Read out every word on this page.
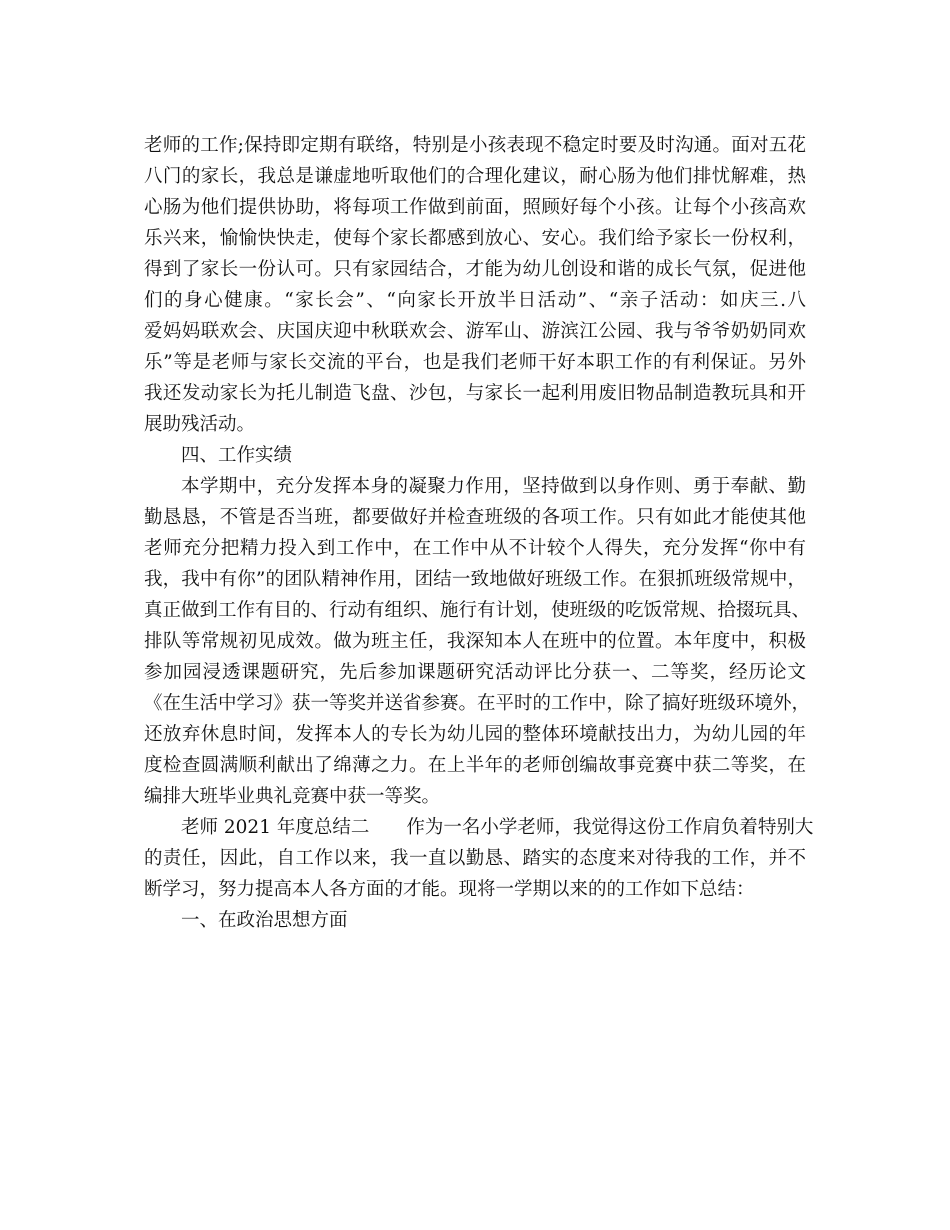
老师的工作;保持即定期有联络，特别是小孩表现不稳定时要及时沟通。面对五花
八门的家长，我总是谦虚地听取他们的合理化建议，耐心肠为他们排忧解难，热
心肠为他们提供协助，将每项工作做到前面，照顾好每个小孩。让每个小孩高欢
乐兴来，愉愉快快走，使每个家长都感到放心、安心。我们给予家长一份权利，
得到了家长一份认可。只有家园结合，才能为幼儿创设和谐的成长气氛，促进他
们的身心健康。“家长会”、“向家长开放半日活动”、“亲子活动：如庆三.八
爱妈妈联欢会、庆国庆迎中秋联欢会、游军山、游滨江公园、我与爷爷奶奶同欢
乐”等是老师与家长交流的平台，也是我们老师干好本职工作的有利保证。另外
我还发动家长为托儿制造飞盘、沙包，与家长一起利用废旧物品制造教玩具和开
展助残活动。
四、工作实绩
本学期中，充分发挥本身的凝聚力作用，坚持做到以身作则、勇于奉献、勤
勤恳恳，不管是否当班，都要做好并检查班级的各项工作。只有如此才能使其他
老师充分把精力投入到工作中，在工作中从不计较个人得失，充分发挥“你中有
我，我中有你”的团队精神作用，团结一致地做好班级工作。在狠抓班级常规中，
真正做到工作有目的、行动有组织、施行有计划，使班级的吃饭常规、拾掇玩具、
排队等常规初见成效。做为班主任，我深知本人在班中的位置。本年度中，积极
参加园浸透课题研究，先后参加课题研究活动评比分获一、二等奖，经历论文
《在生活中学习》获一等奖并送省参赛。在平时的工作中，除了搞好班级环境外，
还放弃休息时间，发挥本人的专长为幼儿园的整体环境献技出力，为幼儿园的年
度检查圆满顺利献出了绵薄之力。在上半年的老师创编故事竞赛中获二等奖，在
编排大班毕业典礼竞赛中获一等奖。
老师 2021 年度总结二　　作为一名小学老师，我觉得这份工作肩负着特别大
的责任，因此，自工作以来，我一直以勤恳、踏实的态度来对待我的工作，并不
断学习，努力提高本人各方面的才能。现将一学期以来的的工作如下总结：
一、在政治思想方面
